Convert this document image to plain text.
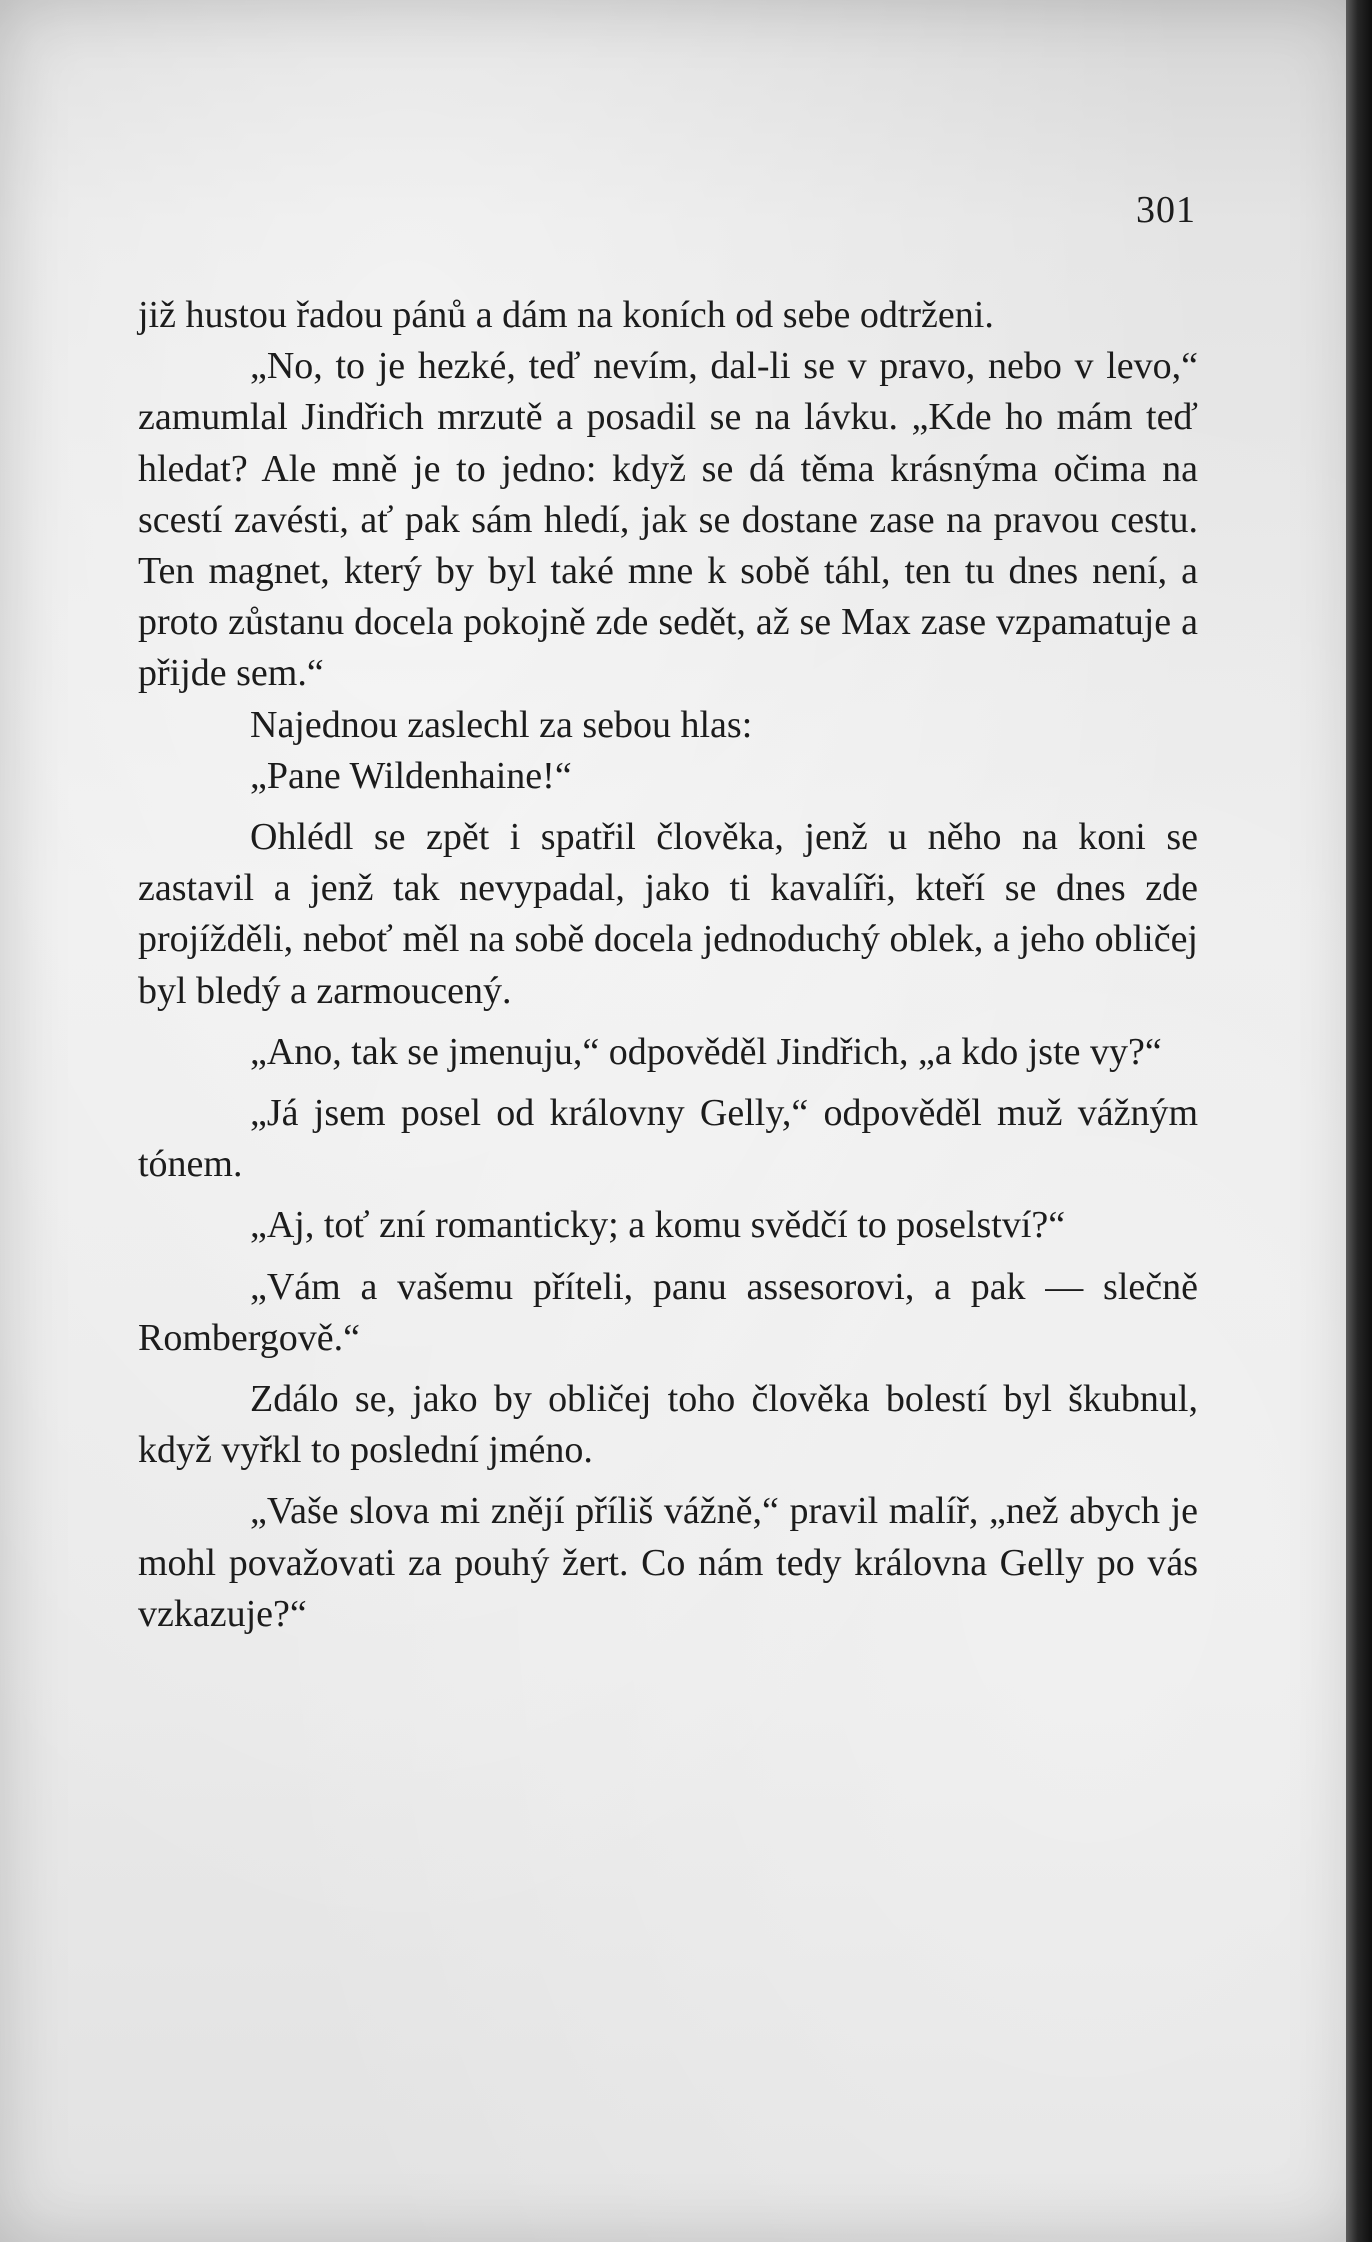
301

již hustou řadou pánů a dám na koních od sebe odtrženi.

„No, to je hezké, teď nevím, dal-li se v pravo, nebo v levo,“ zamumlal Jindřich mrzutě a posadil se na lávku. „Kde ho mám teď hledat? Ale mně je to jedno: když se dá těma krásnýma očima na scestí zavésti, ať pak sám hledí, jak se dostane zase na pravou cestu. Ten magnet, který by byl také mne k sobě táhl, ten tu dnes není, a proto zůstanu docela pokojně zde sedět, až se Max zase vzpamatuje a přijde sem.“

Najednou zaslechl za sebou hlas:

„Pane Wildenhaine!“

Ohlédl se zpět i spatřil člověka, jenž u něho na koni se zastavil a jenž tak nevypadal, jako ti kavalíři, kteří se dnes zde projížděli, neboť měl na sobě docela jednoduchý oblek, a jeho obličej byl bledý a zarmoucený.

„Ano, tak se jmenuju,“ odpověděl Jindřich, „a kdo jste vy?“

„Já jsem posel od královny Gelly,“ odpověděl muž vážným tónem.

„Aj, toť zní romanticky; a komu svědčí to poselství?“

„Vám a vašemu příteli, panu assesorovi, a pak — slečně Rombergově.“

Zdálo se, jako by obličej toho člověka bolestí byl škubnul, když vyřkl to poslední jméno.

„Vaše slova mi znějí příliš vážně,“ pravil malíř, „než abych je mohl považovati za pouhý žert. Co nám tedy královna Gelly po vás vzkazuje?“
